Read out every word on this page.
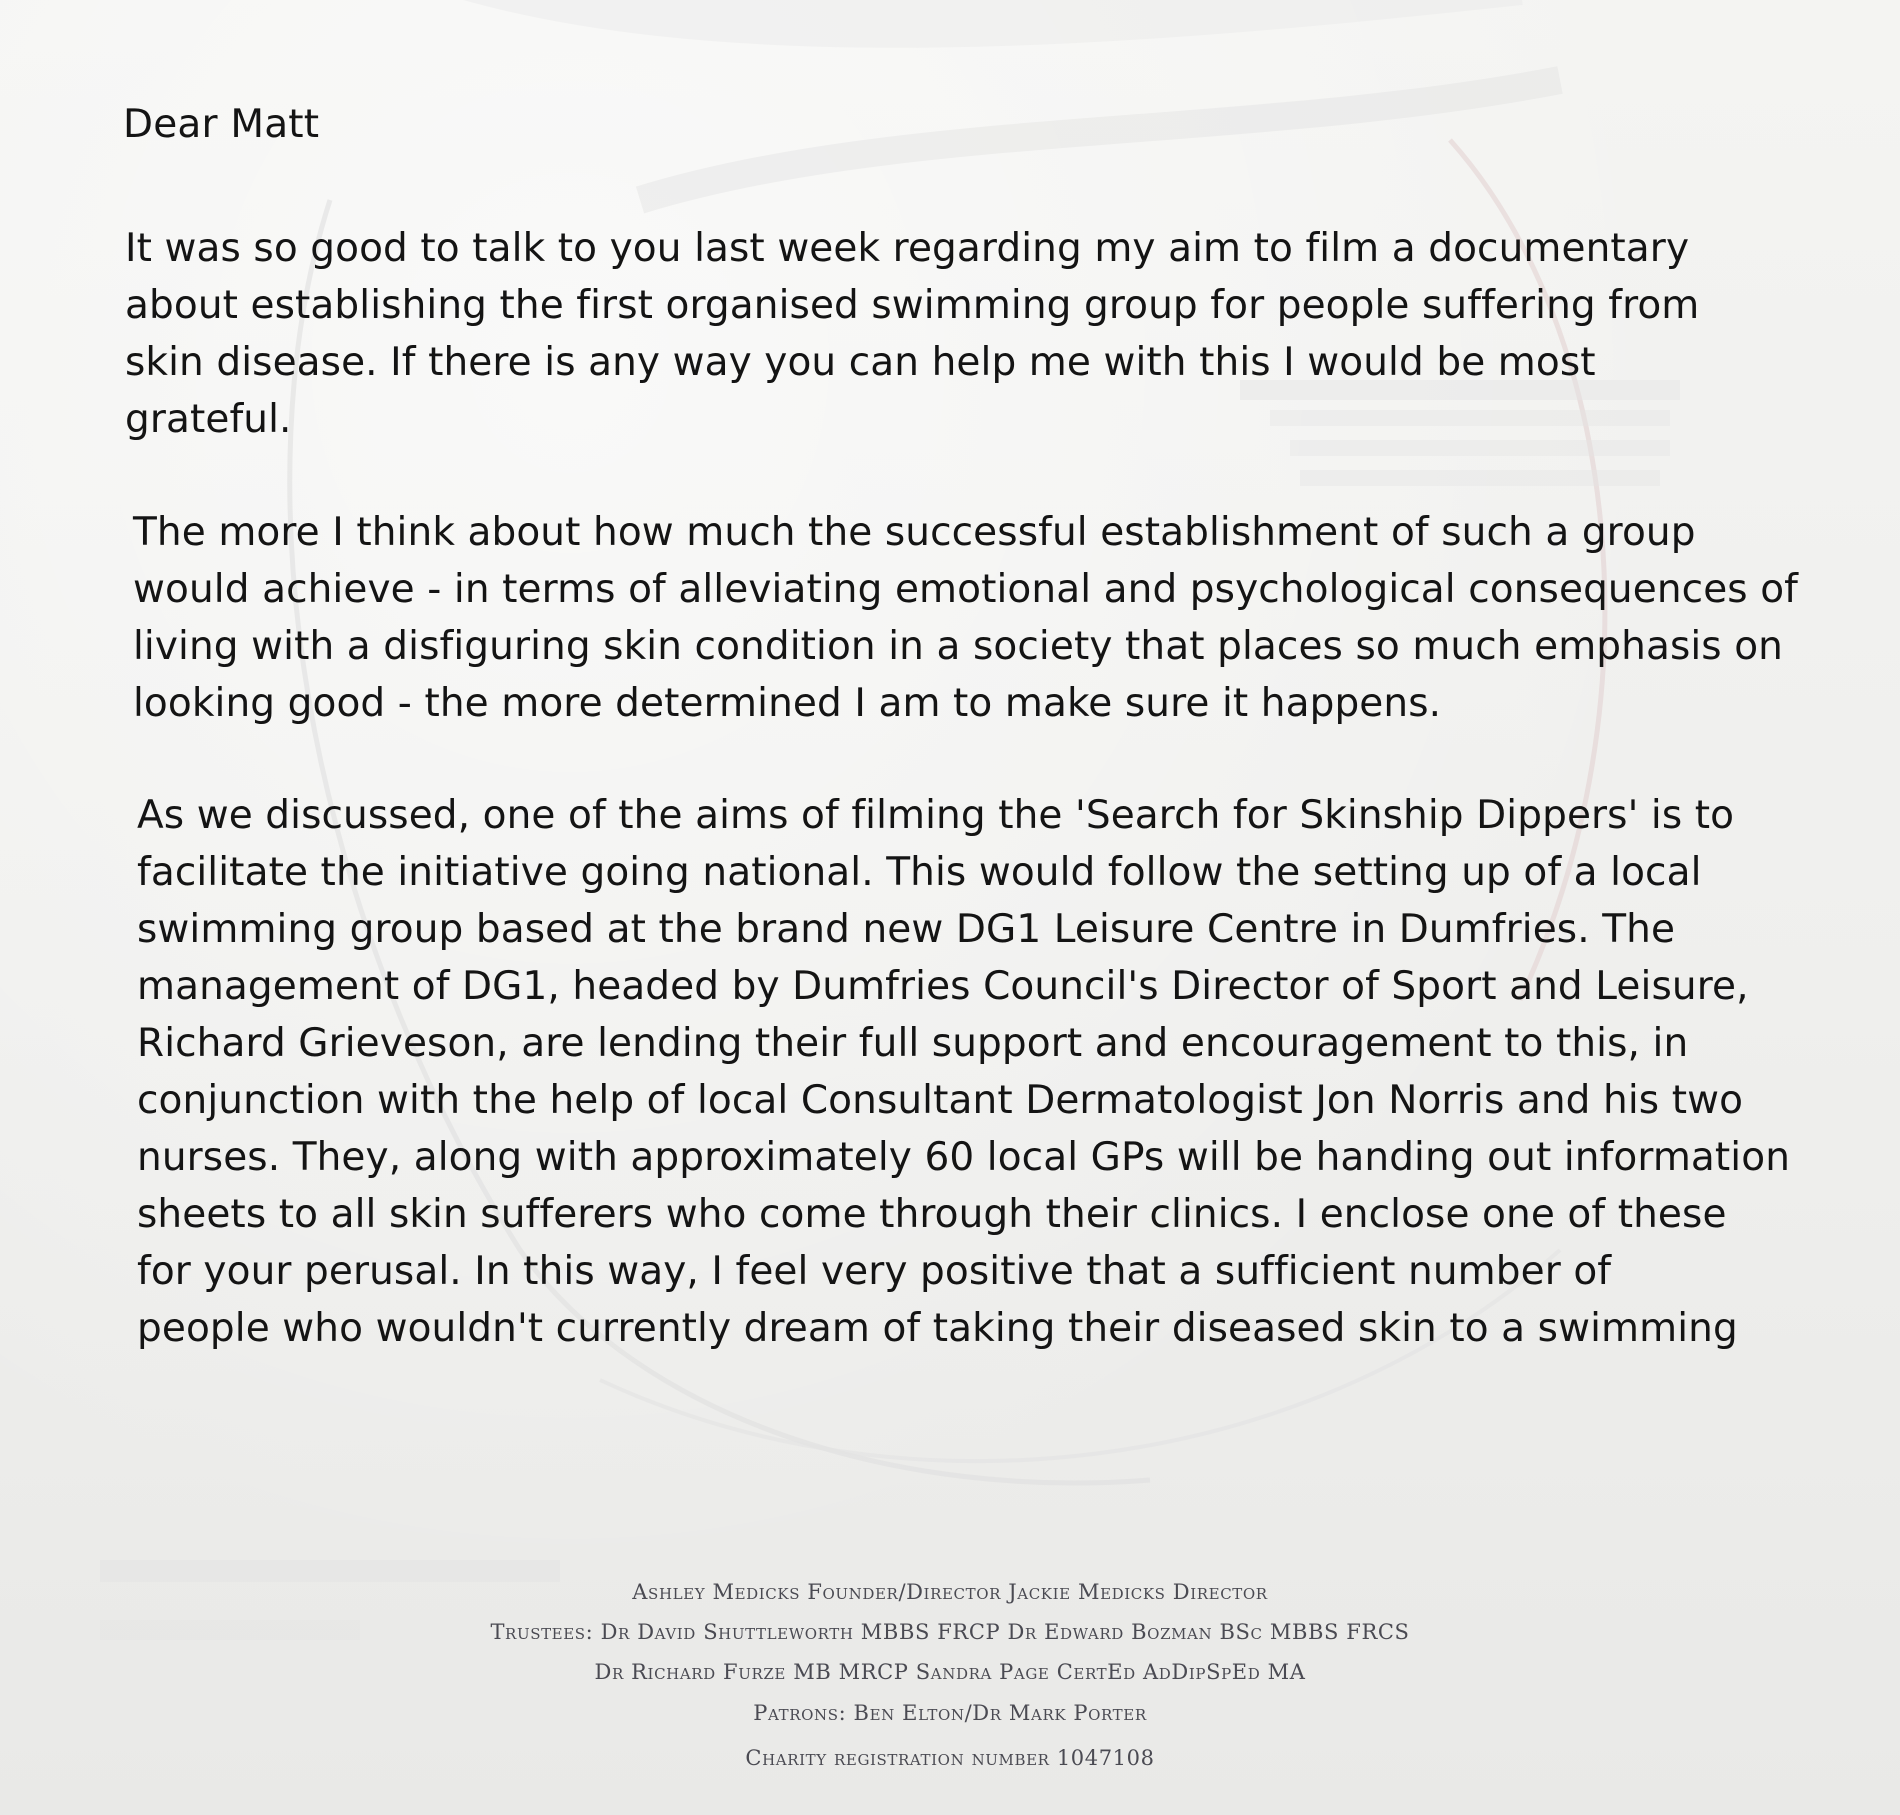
Dear Matt
It was so good to talk to you last week regarding my aim to film a documentary
about establishing the first organised swimming group for people suffering from
skin disease. If there is any way you can help me with this I would be most
grateful.
The more I think about how much the successful establishment of such a group
would achieve - in terms of alleviating emotional and psychological consequences of
living with a disfiguring skin condition in a society that places so much emphasis on
looking good - the more determined I am to make sure it happens.
As we discussed, one of the aims of filming the 'Search for Skinship Dippers' is to
facilitate the initiative going national. This would follow the setting up of a local
swimming group based at the brand new DG1 Leisure Centre in Dumfries. The
management of DG1, headed by Dumfries Council's Director of Sport and Leisure,
Richard Grieveson, are lending their full support and encouragement to this, in
conjunction with the help of local Consultant Dermatologist Jon Norris and his two
nurses. They, along with approximately 60 local GPs will be handing out information
sheets to all skin sufferers who come through their clinics. I enclose one of these
for your perusal. In this way, I feel very positive that a sufficient number of
people who wouldn't currently dream of taking their diseased skin to a swimming
Ashley Medicks Founder/Director Jackie Medicks Director
Trustees: Dr David Shuttleworth MBBS FRCP Dr Edward Bozman BSc MBBS FRCS
Dr Richard Furze MB MRCP Sandra Page CertEd AdDipSpEd MA
Patrons: Ben Elton/Dr Mark Porter
Charity registration number 1047108
